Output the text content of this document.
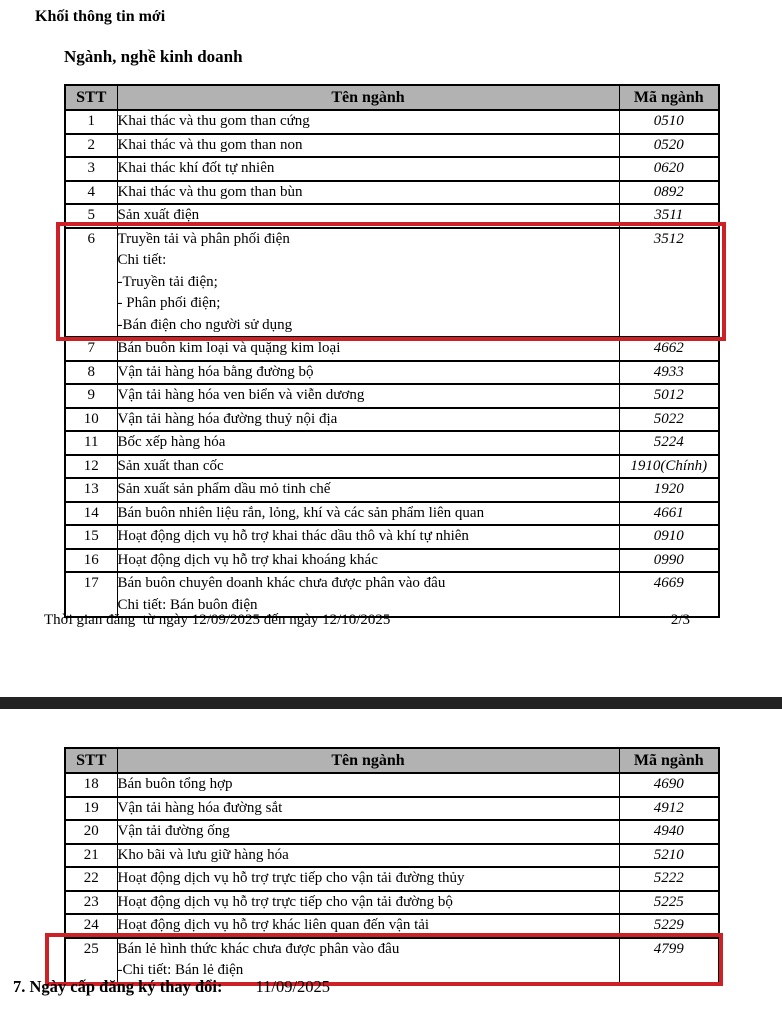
Khối thông tin mới
Ngành, nghề kinh doanh
STT	Tên ngành	Mã ngành
1	Khai thác và thu gom than cứng	0510
2	Khai thác và thu gom than non	0520
3	Khai thác khí đốt tự nhiên	0620
4	Khai thác và thu gom than bùn	0892
5	Sản xuất điện	3511
6	Truyền tải và phân phối điện
Chi tiết:
-Truyền tải điện;
- Phân phối điện;
-Bán điện cho người sử dụng	3512
7	Bán buôn kim loại và quặng kim loại	4662
8	Vận tải hàng hóa bằng đường bộ	4933
9	Vận tải hàng hóa ven biển và viễn dương	5012
10	Vận tải hàng hóa đường thuỷ nội địa	5022
11	Bốc xếp hàng hóa	5224
12	Sản xuất than cốc	1910(Chính)
13	Sản xuất sản phẩm dầu mỏ tinh chế	1920
14	Bán buôn nhiên liệu rắn, lỏng, khí và các sản phẩm liên quan	4661
15	Hoạt động dịch vụ hỗ trợ khai thác dầu thô và khí tự nhiên	0910
16	Hoạt động dịch vụ hỗ trợ khai khoáng khác	0990
17	Bán buôn chuyên doanh khác chưa được phân vào đâu
Chi tiết: Bán buôn điện	4669
Thời gian đăng  từ ngày 12/09/2025 đến ngày 12/10/2025	2/3
STT	Tên ngành	Mã ngành
18	Bán buôn tổng hợp	4690
19	Vận tải hàng hóa đường sắt	4912
20	Vận tải đường ống	4940
21	Kho bãi và lưu giữ hàng hóa	5210
22	Hoạt động dịch vụ hỗ trợ trực tiếp cho vận tải đường thủy	5222
23	Hoạt động dịch vụ hỗ trợ trực tiếp cho vận tải đường bộ	5225
24	Hoạt động dịch vụ hỗ trợ khác liên quan đến vận tải	5229
25	Bán lẻ hình thức khác chưa được phân vào đâu
-Chi tiết: Bán lẻ điện	4799
7. Ngày cấp đăng ký thay đổi: 11/09/2025
